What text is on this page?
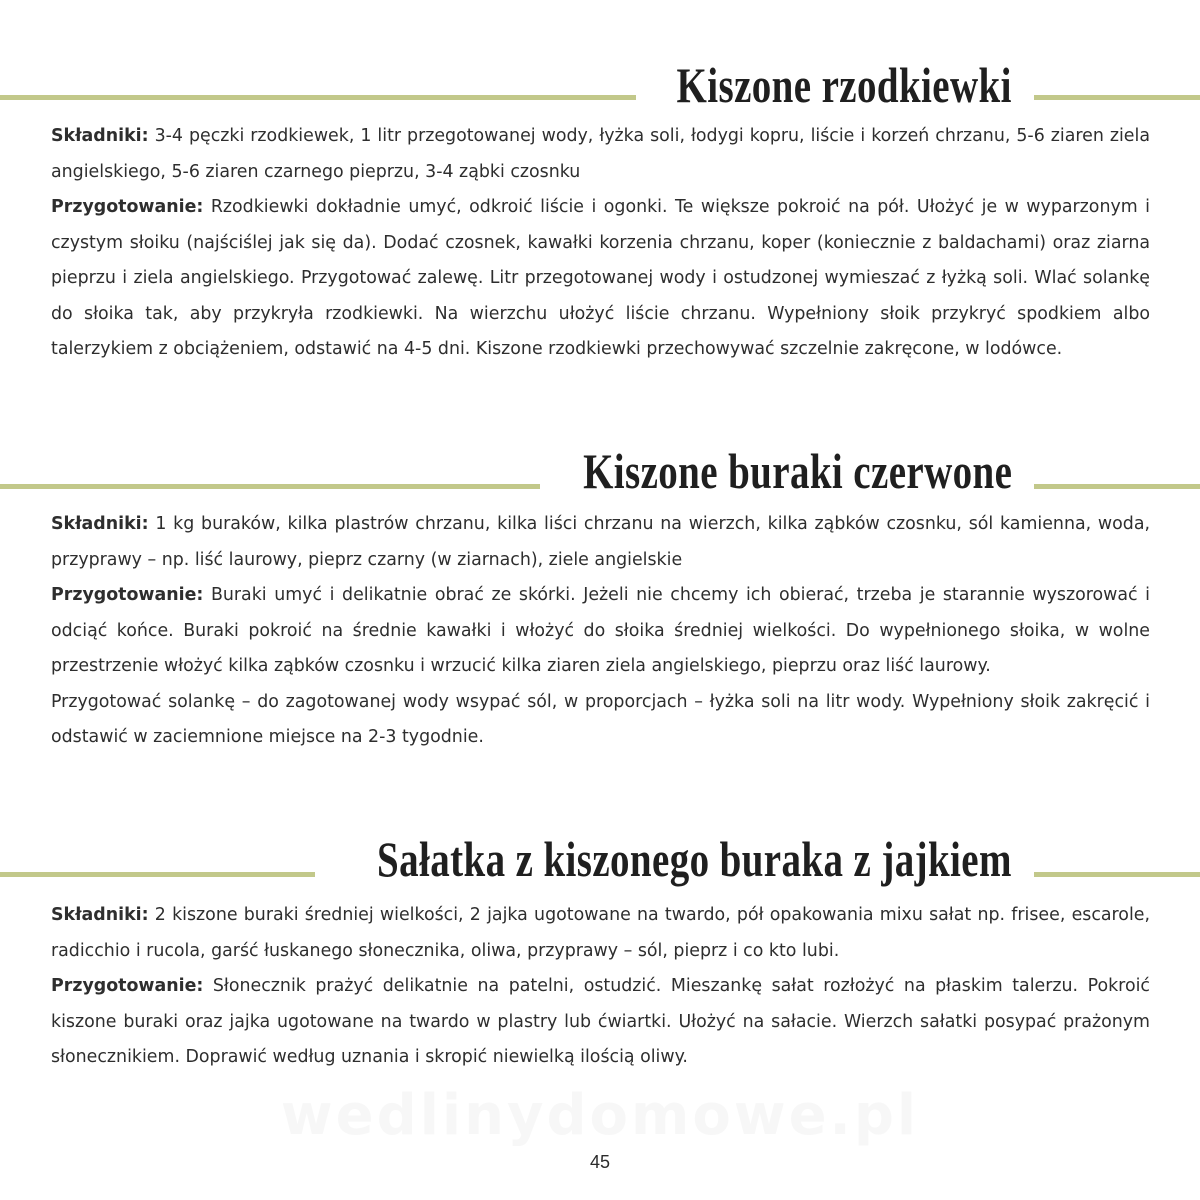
Kiszone rzodkiewki

Składniki: 3-4 pęczki rzodkiewek, 1 litr przegotowanej wody, łyżka soli, łodygi kopru, liście i korzeń chrzanu, 5-6 ziaren ziela angielskiego, 5-6 ziaren czarnego pieprzu, 3-4 ząbki czosnku

Przygotowanie: Rzodkiewki dokładnie umyć, odkroić liście i ogonki. Te większe pokroić na pół. Ułożyć je w wyparzonym i czystym słoiku (najściślej jak się da). Dodać czosnek, kawałki korzenia chrzanu, koper (koniecznie z baldachami) oraz ziarna pieprzu i ziela angielskiego. Przygotować zalewę. Litr przegotowanej wody i ostudzonej wymieszać z łyżką soli. Wlać solankę do słoika tak, aby przykryła rzodkiewki. Na wierzchu ułożyć liście chrzanu. Wypełniony słoik przykryć spodkiem albo talerzykiem z obciążeniem, odstawić na 4-5 dni. Kiszone rzodkiewki przechowywać szczelnie zakręcone, w lodówce.

Kiszone buraki czerwone

Składniki: 1 kg buraków, kilka plastrów chrzanu, kilka liści chrzanu na wierzch, kilka ząbków czosnku, sól kamienna, woda, przyprawy – np. liść laurowy, pieprz czarny (w ziarnach), ziele angielskie

Przygotowanie: Buraki umyć i delikatnie obrać ze skórki. Jeżeli nie chcemy ich obierać, trzeba je starannie wyszorować i odciąć końce. Buraki pokroić na średnie kawałki i włożyć do słoika średniej wielkości. Do wypełnionego słoika, w wolne przestrzenie włożyć kilka ząbków czosnku i wrzucić kilka ziaren ziela angielskiego, pieprzu oraz liść laurowy.

Przygotować solankę – do zagotowanej wody wsypać sól, w proporcjach – łyżka soli na litr wody. Wypełniony słoik zakręcić i odstawić w zaciemnione miejsce na 2-3 tygodnie.

Sałatka z kiszonego buraka z jajkiem

Składniki: 2 kiszone buraki średniej wielkości, 2 jajka ugotowane na twardo, pół opakowania mixu sałat np. frisee, escarole, radicchio i rucola, garść łuskanego słonecznika, oliwa, przyprawy – sól, pieprz i co kto lubi.

Przygotowanie: Słonecznik prażyć delikatnie na patelni, ostudzić. Mieszankę sałat rozłożyć na płaskim talerzu. Pokroić kiszone buraki oraz jajka ugotowane na twardo w plastry lub ćwiartki. Ułożyć na sałacie. Wierzch sałatki posypać prażonym słonecznikiem. Doprawić według uznania i skropić niewielką ilością oliwy.

wedlinydomowe.pl
45
